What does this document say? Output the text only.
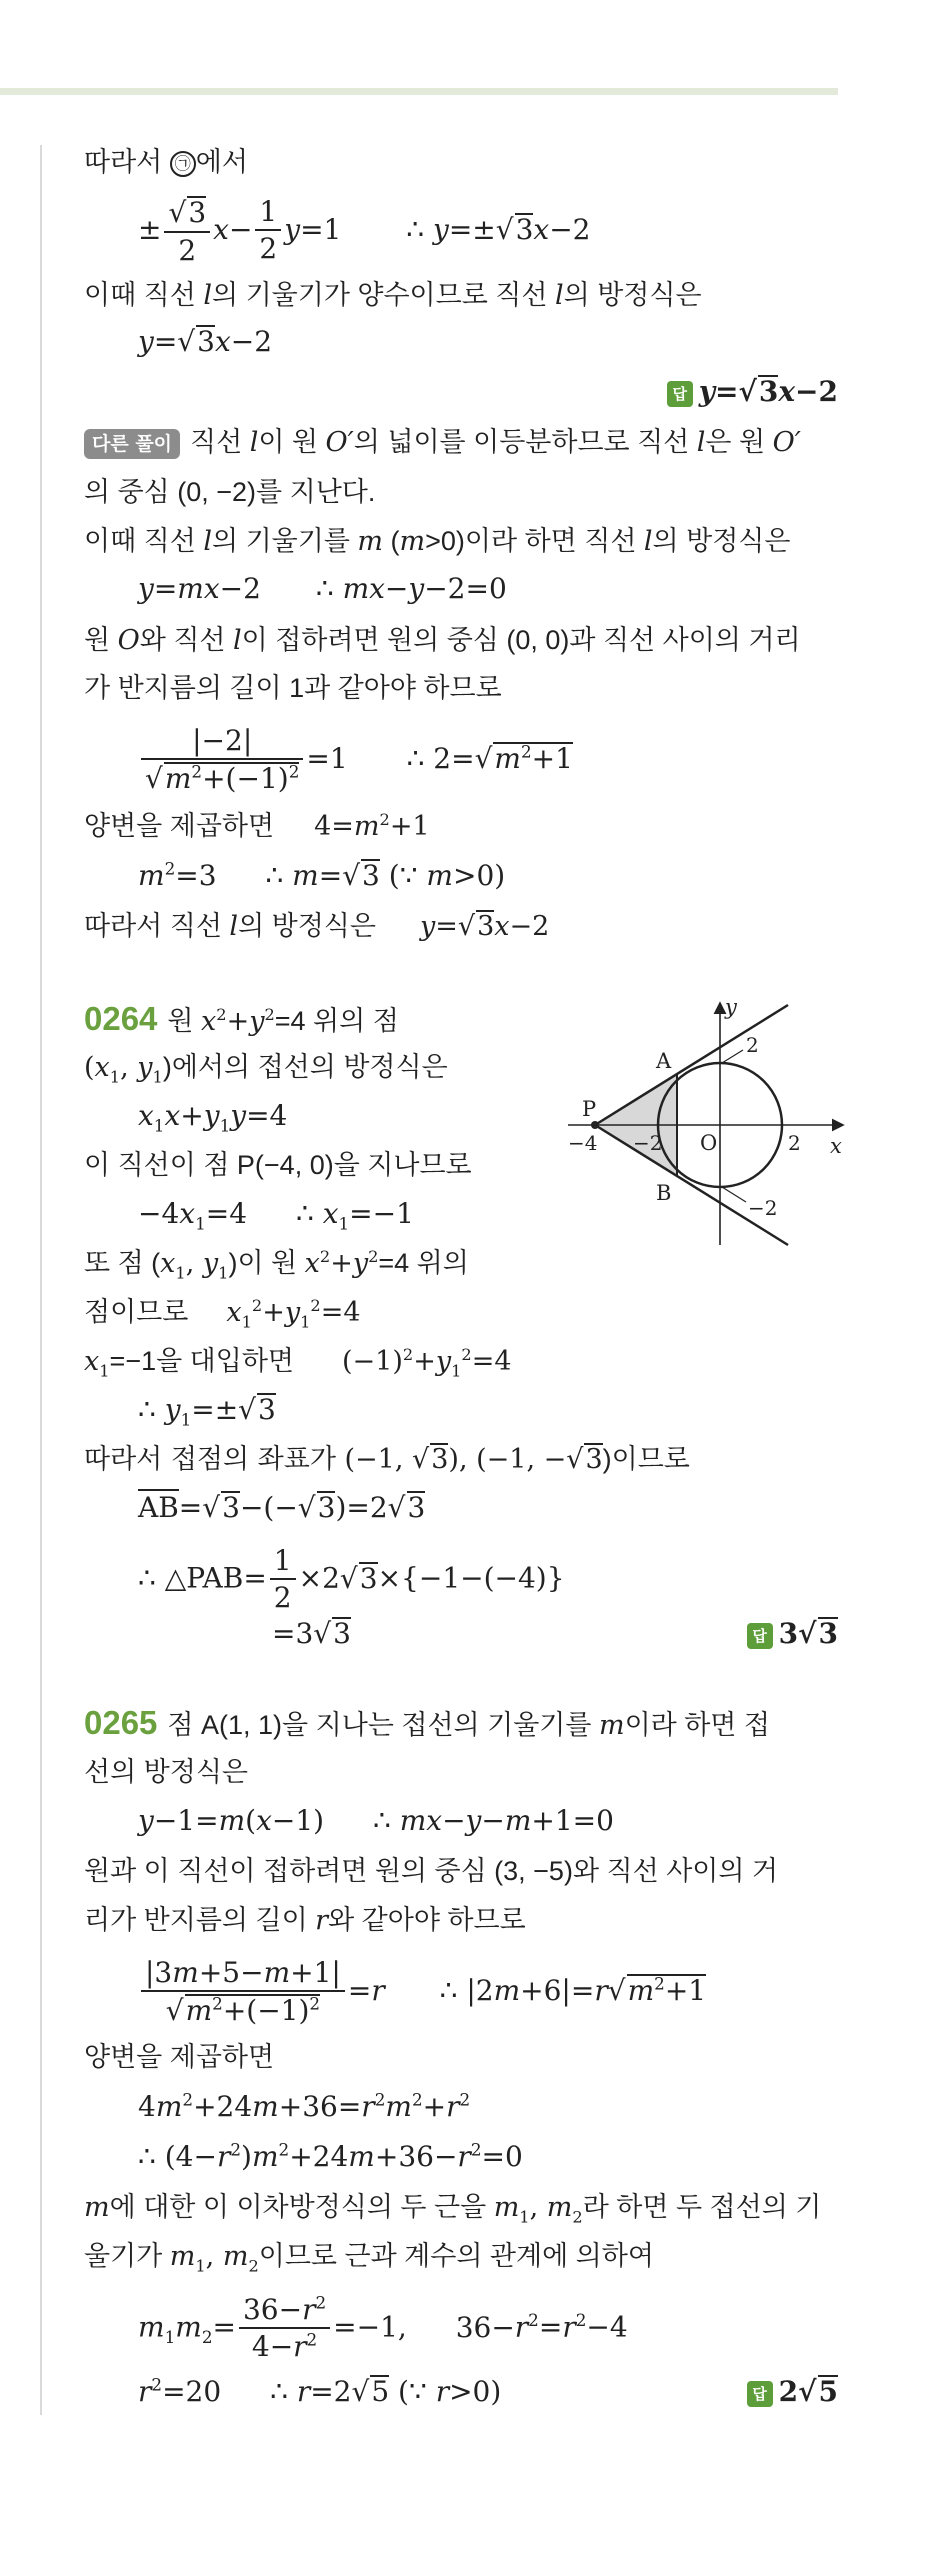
따라서 ㉠ 에서
± $\frac{√3}{2} x- \frac{1}{2} y=1$ ∴ y=±√3x−2
이때 직선 l의 기울기가 양수이므로 직선 l의 방정식은
y=√3x−2
답 y=√3x−2
다른 풀이 직선 l이 원 O′의 넓이를 이등분하므로 직선 l은 원 O′
의 중심 (0, −2)를 지난다.
이때 직선 l의 기울기를 m (m>0)이라 하면 직선 l의 방정식은
y=mx−2 ∴ mx−y−2=0
원 O와 직선 l이 접하려면 원의 중심 (0, 0)과 직선 사이의 거리
가 반지름의 길이 1과 같아야 하므로
$\frac{|-2|}{√m^2+(-1)^2} =1$ ∴ $2=√m^2+1$
양변을 제곱하면 $4=m^2+1$
$m^2=3$ ∴ m=√3 (∵ m>0)
따라서 직선 l의 방정식은 y=√3x−2
0264 원 $x^2+y^2=4$ 위의 점
($x_1$, $y_1$)에서의 접선의 방정식은
$x_1x+y_1y=4$
이 직선이 점 P(−4, 0)을 지나므로
$-4x_1=4$ ∴ $x_1=-1$
또 점 ($x_1$, $y_1$)이 원 $x^2+y^2=4$ 위의
점이므로 $x_1^2+y_1^2=4$
$x_1=-1$을 대입하면 $(-1)^2+y_1^2=4$
∴ $y_1=\pm√3$
따라서 접점의 좌표가 (−1, √3), (−1, −√3)이므로
AB=√3−(−√3)=2√3
∴ △PAB= $\frac{1}{2} \times 2√3\times\{-1-(-4)\}$
=3√3	답 3√3
y
x
A
B
P
O
2
−2
−4 −2	2
0265 점 A(1, 1)을 지나는 접선의 기울기를 m이라 하면 접
선의 방정식은
y−1=m(x−1) ∴ mx−y−m+1=0
원과 이 직선이 접하려면 원의 중심 (3, −5)와 직선 사이의 거
리가 반지름의 길이 r와 같아야 하므로
$\frac{|3m+5-m+1|}{√m^2+(-1)^2} =r$ ∴ $|2m+6|=r√m^2+1$
양변을 제곱하면
$4m^2+24m+36=r^2m^2+r^2$
∴ $(4-r^2)m^2+24m+36-r^2=0$
m에 대한 이 이차방정식의 두 근을 $m_1$, $m_2$라 하면 두 접선의 기
울기가 $m_1$, $m_2$이므로 근과 계수의 관계에 의하여
$m_1m_2= \frac{36-r^2}{4-r^2} =-1$, $36-r^2=r^2-4$
$r^2=20$ ∴ r=2√5 (∵ r>0)	답 2√5
